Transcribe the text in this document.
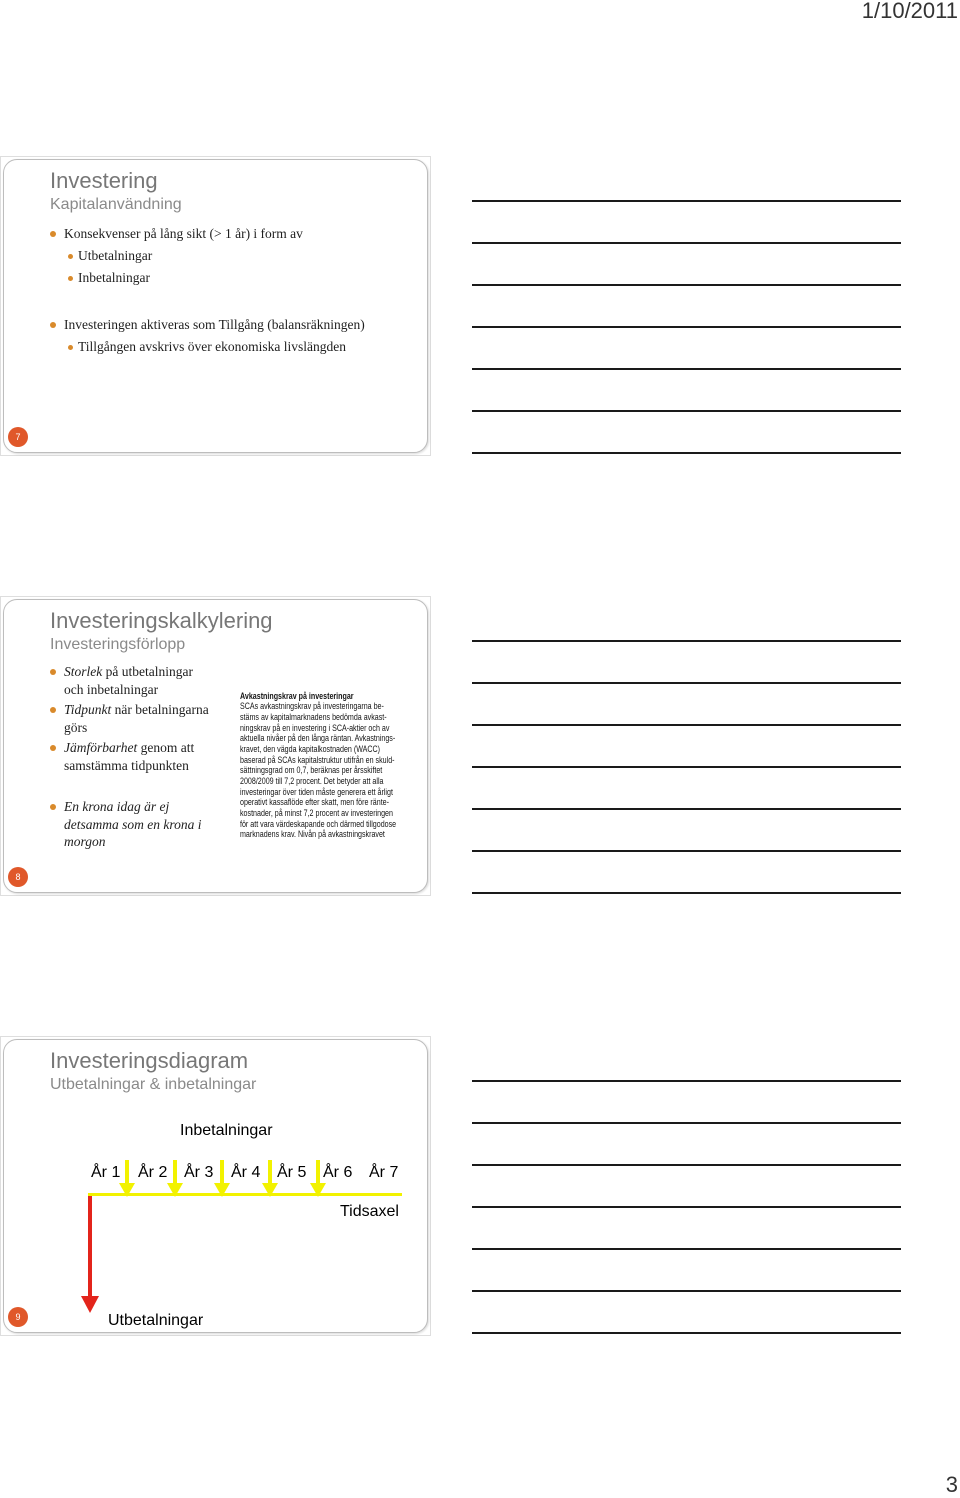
1/10/2011
Investering
Kapitalanvändning
Konsekvenser på lång sikt (> 1 år) i form av
Utbetalningar
Inbetalningar
Investeringen aktiveras som Tillgång (balansräkningen)
Tillgången avskrivs över ekonomiska livslängden
7
Investeringskalkylering
Investeringsförlopp
Storlek på utbetalningar
och inbetalningar
Tidpunkt när betalningarna
görs
Jämförbarhet genom att
samstämma tidpunkten
En krona idag är ej
detsamma som en krona i
morgon
Avkastningskrav på investeringar
SCAs avkastningskrav på investeringarna be-
stäms av kapitalmarknadens bedömda avkast-
ningskrav på en investering i SCA-aktier och av
aktuella nivåer på den långa räntan. Avkastnings-
kravet, den vägda kapitalkostnaden (WACC)
baserad på SCAs kapitalstruktur utifrån en skuld-
sättningsgrad om 0,7, beräknas per årsskiftet
2008/2009 till 7,2 procent. Det betyder att alla
investeringar över tiden måste generera ett årligt
operativt kassaflöde efter skatt, men före ränte-
kostnader, på minst 7,2 procent av investeringen
för att vara värdeskapande och därmed tillgodose
marknadens krav. Nivån på avkastningskravet
8
Investeringsdiagram
Utbetalningar & inbetalningar
Inbetalningar
År 1 År 2 År 3 År 4 År 5 År 6 År 7
Tidsaxel
Utbetalningar
9
3
